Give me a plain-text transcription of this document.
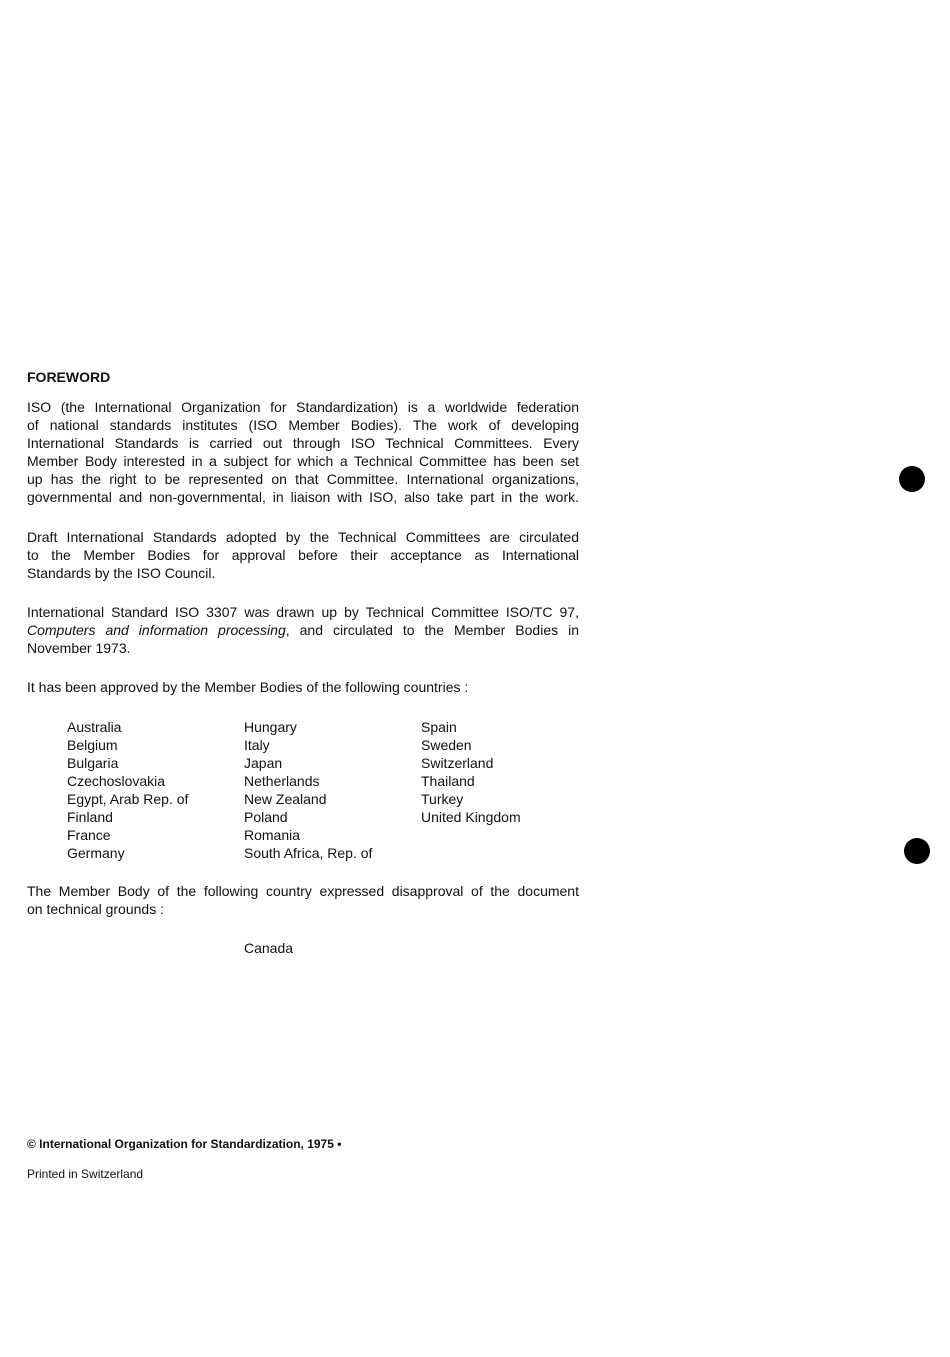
FOREWORD
ISO (the International Organization for Standardization) is a worldwide federation
of national standards institutes (ISO Member Bodies). The work of developing
International Standards is carried out through ISO Technical Committees. Every
Member Body interested in a subject for which a Technical Committee has been set
up has the right to be represented on that Committee. International organizations,
governmental and non-governmental, in liaison with ISO, also take part in the work.
Draft International Standards adopted by the Technical Committees are circulated
to the Member Bodies for approval before their acceptance as International
Standards by the ISO Council.
International Standard ISO 3307 was drawn up by Technical Committee ISO/TC 97,
Computers and information processing, and circulated to the Member Bodies in
November 1973.
It has been approved by the Member Bodies of the following countries :
Australia
Belgium
Bulgaria
Czechoslovakia
Egypt, Arab Rep. of
Finland
France
Germany
Hungary
Italy
Japan
Netherlands
New Zealand
Poland
Romania
South Africa, Rep. of
Spain
Sweden
Switzerland
Thailand
Turkey
United Kingdom
The Member Body of the following country expressed disapproval of the document
on technical grounds :
Canada
© International Organization for Standardization, 1975 •
Printed in Switzerland
